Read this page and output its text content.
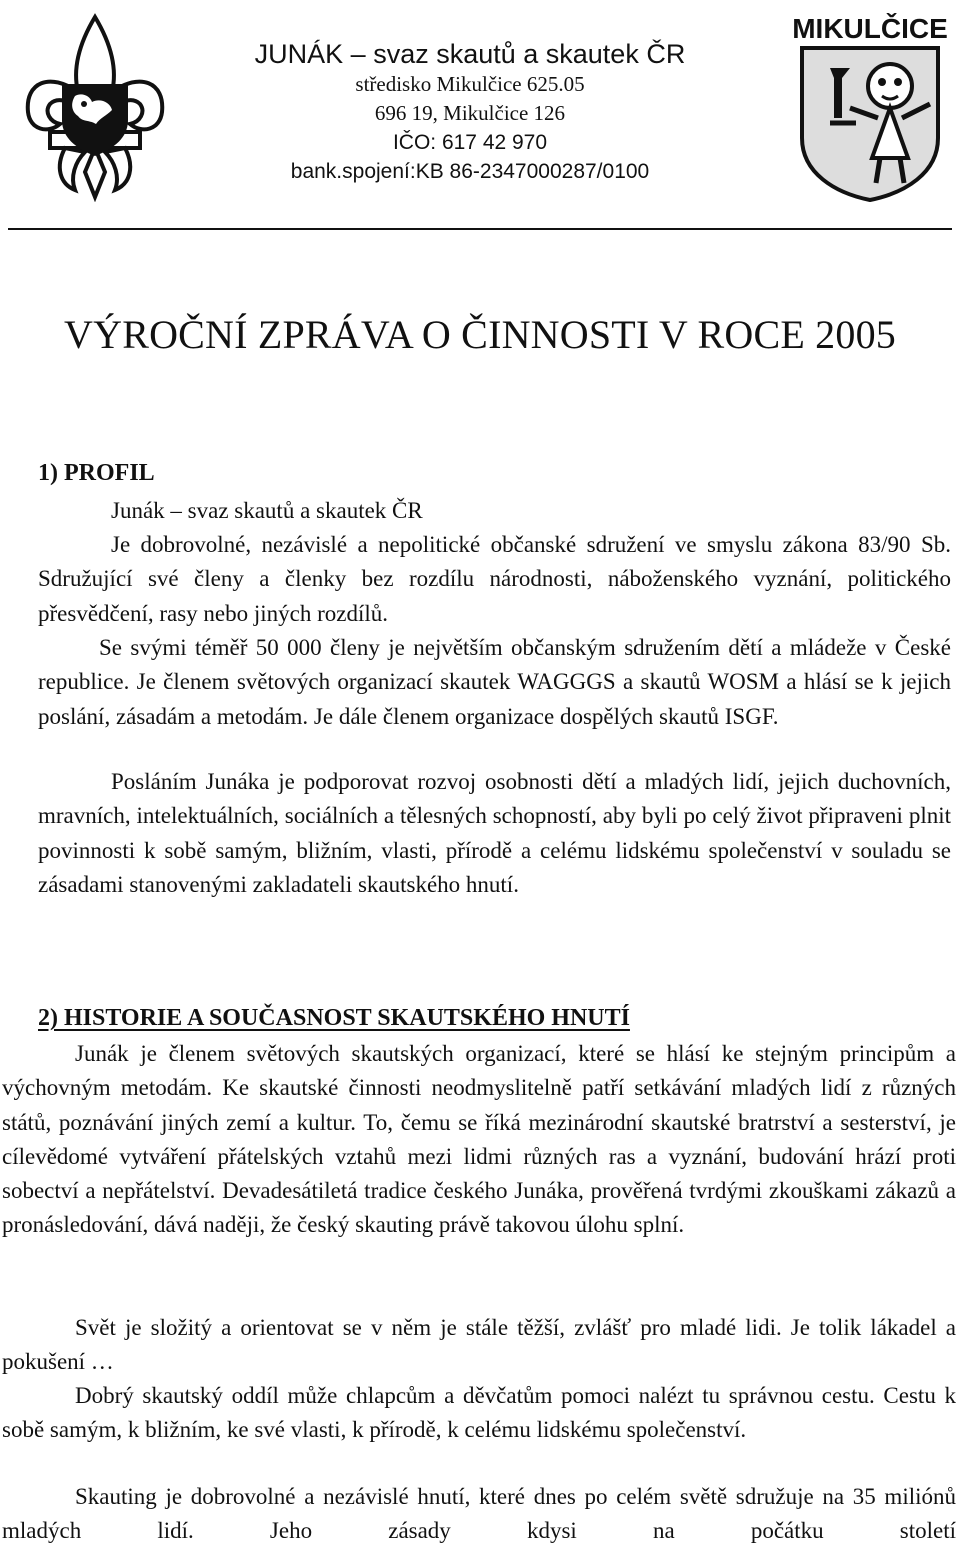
JUNÁK – svaz skautů a skautek ČR
středisko Mikulčice 625.05
696 19, Mikulčice 126
IČO: 617 42 970
bank.spojení:KB 86-2347000287/0100
MIKULČICE
VÝROČNÍ ZPRÁVA O ČINNOSTI V ROCE 2005
1) PROFIL
Junák – svaz skautů a skautek ČR
Je dobrovolné, nezávislé a nepolitické občanské sdružení ve smyslu zákona 83/90 Sb. Sdružující své členy a členky bez rozdílu národnosti, náboženského vyznání, politického přesvědčení, rasy nebo jiných rozdílů.
Se svými téměř 50 000 členy je největším občanským sdružením dětí a mládeže v České republice. Je členem světových organizací skautek WAGGGS a skautů WOSM a hlásí se k jejich poslání, zásadám a metodám. Je dále členem organizace dospělých skautů ISGF.
Posláním Junáka je podporovat rozvoj osobnosti dětí a mladých lidí, jejich duchovních, mravních, intelektuálních, sociálních a tělesných schopností, aby byli po celý život připraveni plnit povinnosti k sobě samým, bližním, vlasti, přírodě a celému lidskému společenství v souladu se zásadami stanovenými zakladateli skautského hnutí.
2) HISTORIE A SOUČASNOST SKAUTSKÉHO HNUTÍ
Junák je členem světových skautských organizací, které se hlásí ke stejným principům a výchovným metodám. Ke skautské činnosti neodmyslitelně patří setkávání mladých lidí z různých států, poznávání jiných zemí a kultur. To, čemu se říká mezinárodní skautské bratrství a sesterství, je cílevědomé vytváření přátelských vztahů mezi lidmi různých ras a vyznání, budování hrází proti sobectví a nepřátelství. Devadesátiletá tradice českého Junáka, prověřená tvrdými zkouškami zákazů a pronásledování, dává naději, že český skauting právě takovou úlohu splní.
Svět je složitý a orientovat se v něm je stále těžší, zvlášť pro mladé lidi. Je tolik lákadel a pokušení …
Dobrý skautský oddíl může chlapcům a děvčatům pomoci nalézt tu správnou cestu. Cestu k sobě samým, k bližním, ke své vlasti, k přírodě, k celému lidskému společenství.
Skauting je dobrovolné a nezávislé hnutí, které dnes po celém světě sdružuje na 35 miliónů mladých lidí. Jeho zásady kdysi na počátku století
